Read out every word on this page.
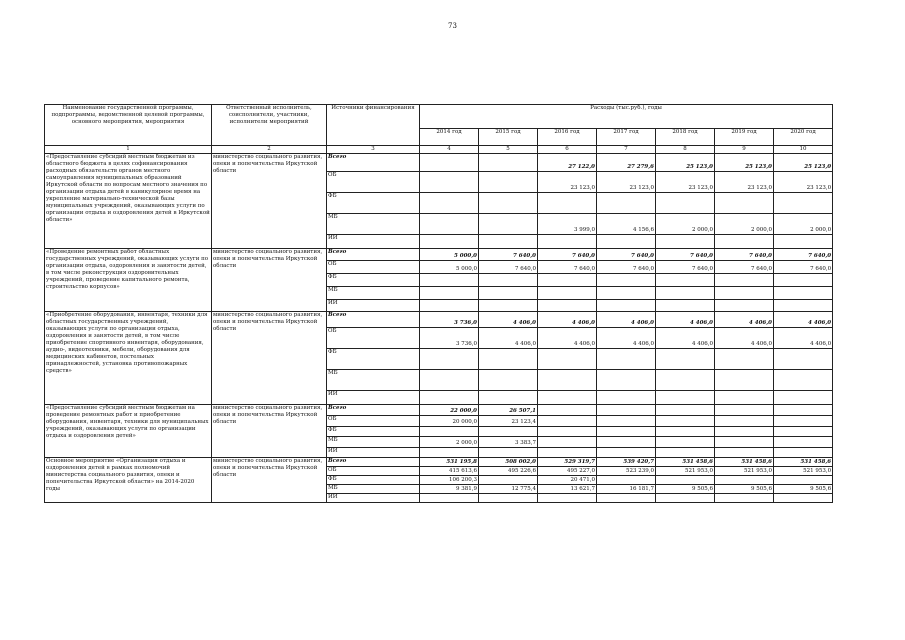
73
Наименование государственной программы, подпрограммы, ведомственной целевой программы, основного мероприятия, мероприятия	Ответственный исполнитель, соисполнители, участники, исполнители мероприятий	Источники финансирования	Расходы (тыс.руб.), годы						
			2014 год	2015 год	2016 год	2017 год	2018 год	2019 год	2020 год
1	2	3	4	5	6	7	8	9	10
«Предоставление субсидий местным бюджетам из областного бюджета в целях софинансирования расходных обязательств органов местного самоуправления муниципальных образований Иркутской области по вопросам местного значения по организации отдыха детей в каникулярное время на укрепление материально-технической базы муниципальных учреждений, оказывающих услуги по организации отдыха и оздоровления детей в Иркутской области»	министерство социального развития, опеки и попечительства Иркутской области	Всего			27 122,0	27 279,6	25 123,0	25 123,0	25 123,0
		ОБ			23 123,0	23 123,0	23 123,0	23 123,0	23 123,0
		ФБ							
		МБ			3 999,0	4 156,6	2 000,0	2 000,0	2 000,0
		ИИ							
«Проведение ремонтных работ областных государственных учреждений, оказывающих услуги по организации отдыха, оздоровления и занятости детей, в том числе реконструкция оздоровительных учреждений, проведение капитального ремонта, строительство корпусов»	министерство социального развития, опеки и попечительства Иркутской области	Всего	5 000,0	7 640,0	7 640,0	7 640,0	7 640,0	7 640,0	7 640,0
		ОБ	5 000,0	7 640,0	7 640,0	7 640,0	7 640,0	7 640,0	7 640,0
		ФБ							
		МБ							
		ИИ							
«Приобретение оборудования, инвентаря, техники для областных государственных учреждений, оказывающих услуги по организации отдыха, оздоровления и занятости детей, в том числе приобретение спортивного инвентаря, оборудования, аудио-, видеотехники, мебели, оборудования для медицинских кабинетов, постельных принадлежностей, установка противопожарных средств»	министерство социального развития, опеки и попечительства Иркутской области	Всего	3 736,0	4 406,0	4 406,0	4 406,0	4 406,0	4 406,0	4 406,0
		ОБ	3 736,0	4 406,0	4 406,0	4 406,0	4 406,0	4 406,0	4 406,0
		ФБ							
		МБ							
		ИИ							
«Предоставление субсидий местным бюджетам на проведение ремонтных работ и приобретение оборудования, инвентаря, техники для муниципальных учреждений, оказывающих услуги по организации отдыха и оздоровления детей»	министерство социального развития, опеки и попечительства Иркутской области	Всего	22 000,0	26 507,1					
		ОБ	20 000,0	23 123,4					
		ФБ							
		МБ	2 000,0	3 383,7					
		ИИ							
Основное мероприятие «Организация отдыха и оздоровления детей в рамках полномочий министерства социального развития, опеки и попечительства Иркутской области» на 2014-2020 годы	министерство социального развития, опеки и попечительства Иркутской области	Всего	531 195,8	508 002,0	529 319,7	539 420,7	531 458,6	531 458,6	531 458,6
		ОБ	415 613,6	495 226,6	495 227,0	523 239,0	521 953,0	521 953,0	521 953,0
		ФБ	106 200,3		20 471,0				
		МБ	9 381,9	12 775,4	13 621,7	16 181,7	9 505,6	9 505,6	9 505,6
		ИИ							
